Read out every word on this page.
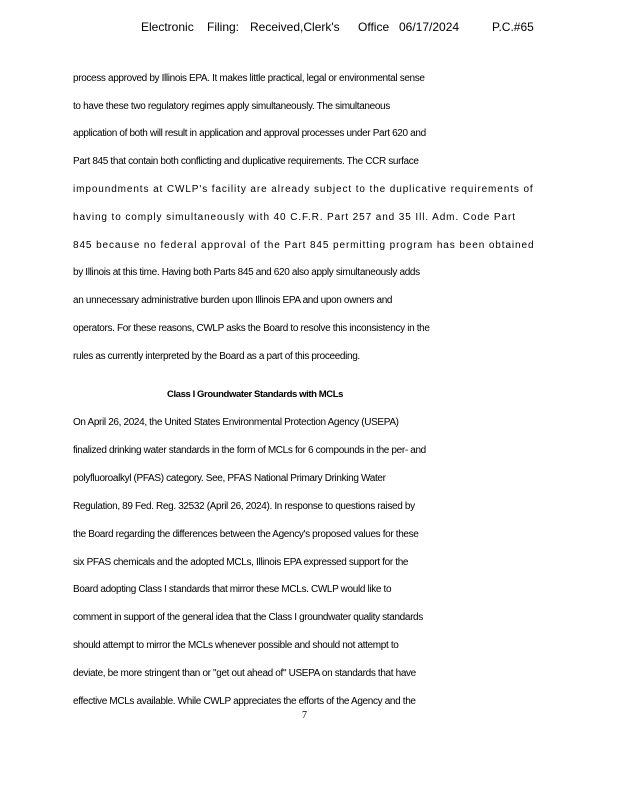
Electronic Filing: Received,Clerk's Office 06/17/2024	P.C.#65
process approved by Illinois EPA. It makes little practical, legal or environmental sense
to have these two regulatory regimes apply simultaneously. The simultaneous
application of both will result in application and approval processes under Part 620 and
Part 845 that contain both conflicting and duplicative requirements. The CCR surface
impoundments at CWLP's facility are already subject to the duplicative requirements of
having to comply simultaneously with 40 C.F.R. Part 257 and 35 Ill. Adm. Code Part
845 because no federal approval of the Part 845 permitting program has been obtained
by Illinois at this time. Having both Parts 845 and 620 also apply simultaneously adds
an unnecessary administrative burden upon Illinois EPA and upon owners and
operators. For these reasons, CWLP asks the Board to resolve this inconsistency in the
rules as currently interpreted by the Board as a part of this proceeding.
Class I Groundwater Standards with MCLs
On April 26, 2024, the United States Environmental Protection Agency (USEPA)
finalized drinking water standards in the form of MCLs for 6 compounds in the per- and
polyfluoroalkyl (PFAS) category. See, PFAS National Primary Drinking Water
Regulation, 89 Fed. Reg. 32532 (April 26, 2024). In response to questions raised by
the Board regarding the differences between the Agency's proposed values for these
six PFAS chemicals and the adopted MCLs, Illinois EPA expressed support for the
Board adopting Class I standards that mirror these MCLs. CWLP would like to
comment in support of the general idea that the Class I groundwater quality standards
should attempt to mirror the MCLs whenever possible and should not attempt to
deviate, be more stringent than or "get out ahead of" USEPA on standards that have
effective MCLs available. While CWLP appreciates the efforts of the Agency and the
7
